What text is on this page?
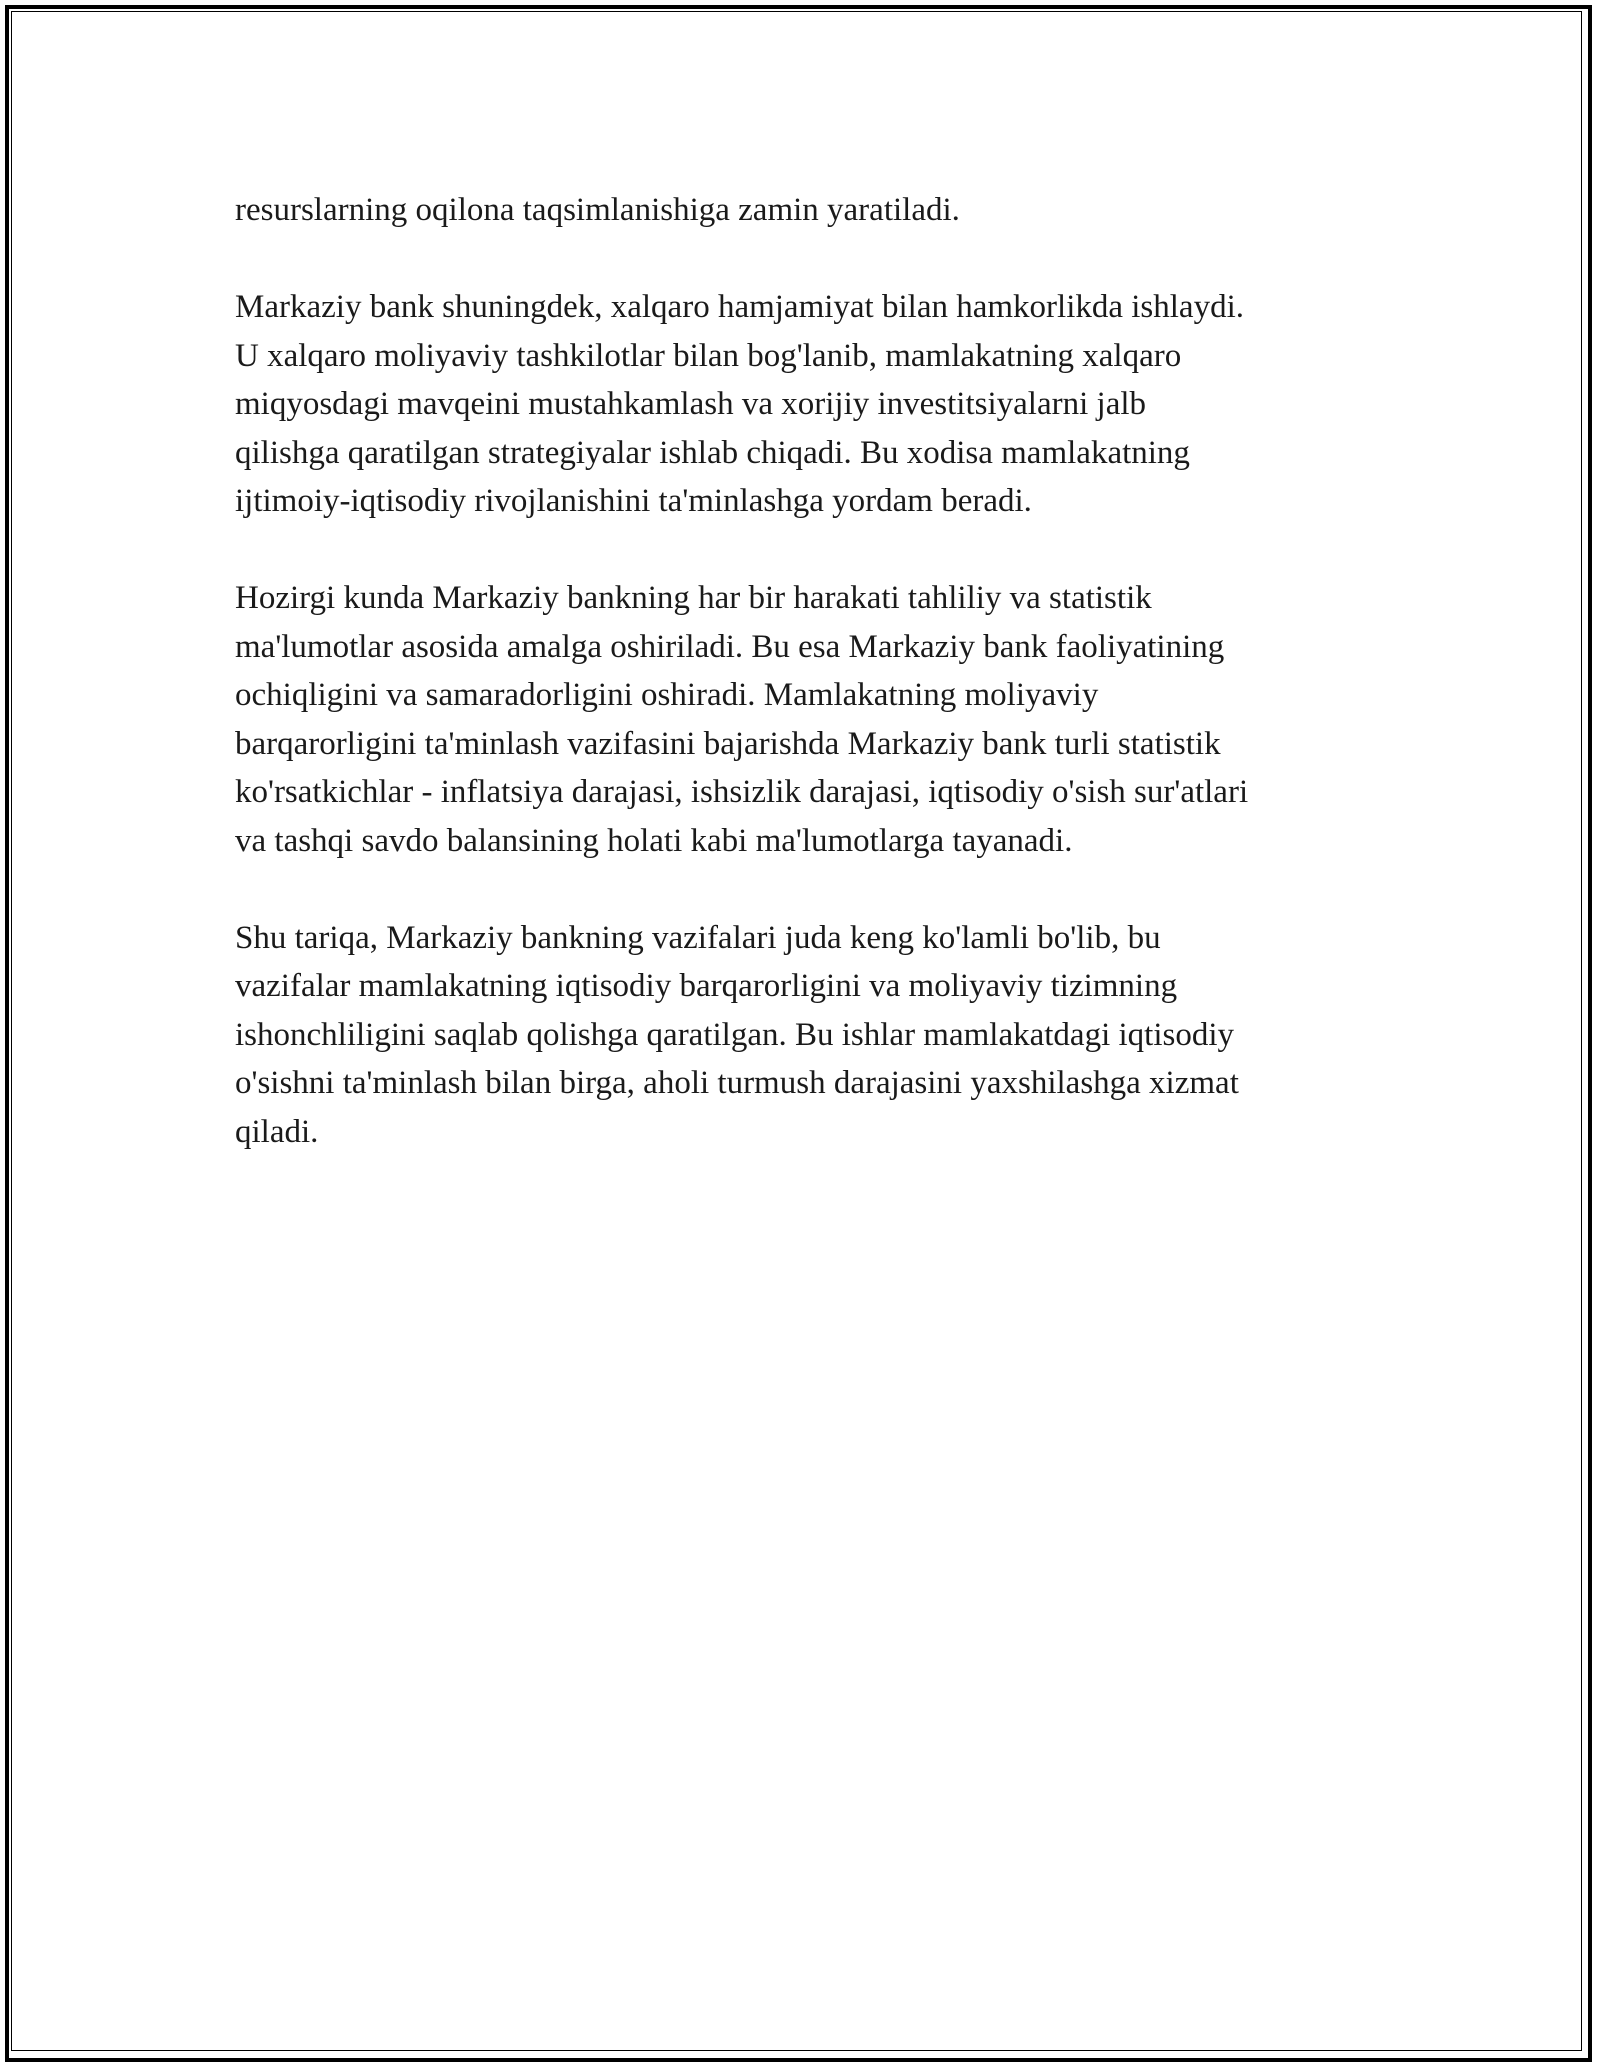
resurslarning oqilona taqsimlanishiga zamin yaratiladi.

Markaziy bank shuningdek, xalqaro hamjamiyat bilan hamkorlikda ishlaydi.
U xalqaro moliyaviy tashkilotlar bilan bog'lanib, mamlakatning xalqaro
miqyosdagi mavqeini mustahkamlash va xorijiy investitsiyalarni jalb
qilishga qaratilgan strategiyalar ishlab chiqadi. Bu xodisa mamlakatning
ijtimoiy-iqtisodiy rivojlanishini ta'minlashga yordam beradi.

Hozirgi kunda Markaziy bankning har bir harakati tahliliy va statistik
ma'lumotlar asosida amalga oshiriladi. Bu esa Markaziy bank faoliyatining
ochiqligini va samaradorligini oshiradi. Mamlakatning moliyaviy
barqarorligini ta'minlash vazifasini bajarishda Markaziy bank turli statistik
ko'rsatkichlar - inflatsiya darajasi, ishsizlik darajasi, iqtisodiy o'sish sur'atlari
va tashqi savdo balansining holati kabi ma'lumotlarga tayanadi.

Shu tariqa, Markaziy bankning vazifalari juda keng ko'lamli bo'lib, bu
vazifalar mamlakatning iqtisodiy barqarorligini va moliyaviy tizimning
ishonchliligini saqlab qolishga qaratilgan. Bu ishlar mamlakatdagi iqtisodiy
o'sishni ta'minlash bilan birga, aholi turmush darajasini yaxshilashga xizmat
qiladi.
